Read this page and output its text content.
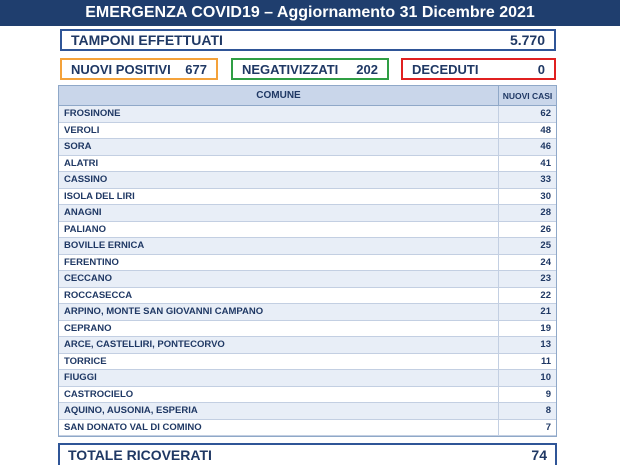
EMERGENZA COVID19 – Aggiornamento 31 Dicembre 2021
TAMPONI EFFETTUATI	5.770
NUOVI POSITIVI 677	NEGATIVIZZATI 202	DECEDUTI	0
COMUNE	NUOVI CASI
FROSINONE	62
VEROLI	48
SORA	46
ALATRI	41
CASSINO	33
ISOLA DEL LIRI	30
ANAGNI	28
PALIANO	26
BOVILLE ERNICA	25
FERENTINO	24
CECCANO	23
ROCCASECCA	22
ARPINO, MONTE SAN GIOVANNI CAMPANO	21
CEPRANO	19
ARCE, CASTELLIRI, PONTECORVO	13
TORRICE	11
FIUGGI	10
CASTROCIELO	9
AQUINO, AUSONIA, ESPERIA	8
SAN DONATO VAL DI COMINO	7
TOTALE RICOVERATI	74
